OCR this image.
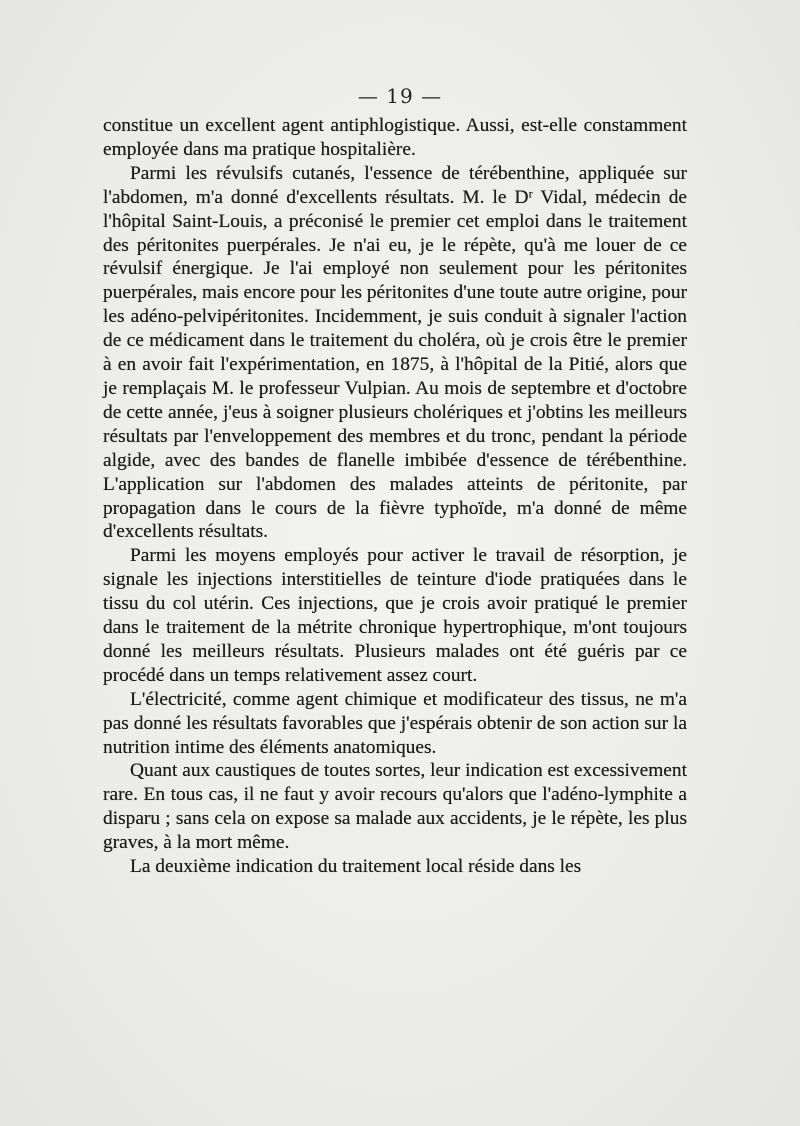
— 19 —

constitue un excellent agent antiphlogistique. Aussi, est-elle constamment employée dans ma pratique hospitalière.

Parmi les révulsifs cutanés, l'essence de térébenthine, appliquée sur l'abdomen, m'a donné d'excellents résultats. M. le Dʳ Vidal, médecin de l'hôpital Saint-Louis, a préconisé le premier cet emploi dans le traitement des péritonites puerpérales. Je n'ai eu, je le répète, qu'à me louer de ce révulsif énergique. Je l'ai employé non seulement pour les péritonites puerpérales, mais encore pour les péritonites d'une toute autre origine, pour les adéno-pelvipéritonites. Incidemment, je suis conduit à signaler l'action de ce médicament dans le traitement du choléra, où je crois être le premier à en avoir fait l'expérimentation, en 1875, à l'hôpital de la Pitié, alors que je remplaçais M. le professeur Vulpian. Au mois de septembre et d'octobre de cette année, j'eus à soigner plusieurs cholériques et j'obtins les meilleurs résultats par l'enveloppement des membres et du tronc, pendant la période algide, avec des bandes de flanelle imbibée d'essence de térébenthine. L'application sur l'abdomen des malades atteints de péritonite, par propagation dans le cours de la fièvre typhoïde, m'a donné de même d'excellents résultats.

Parmi les moyens employés pour activer le travail de résorption, je signale les injections interstitielles de teinture d'iode pratiquées dans le tissu du col utérin. Ces injections, que je crois avoir pratiqué le premier dans le traitement de la métrite chronique hypertrophique, m'ont toujours donné les meilleurs résultats. Plusieurs malades ont été guéris par ce procédé dans un temps relativement assez court.

L'électricité, comme agent chimique et modificateur des tissus, ne m'a pas donné les résultats favorables que j'espérais obtenir de son action sur la nutrition intime des éléments anatomiques.

Quant aux caustiques de toutes sortes, leur indication est excessivement rare. En tous cas, il ne faut y avoir recours qu'alors que l'adéno-lymphite a disparu ; sans cela on expose sa malade aux accidents, je le répète, les plus graves, à la mort même.

La deuxième indication du traitement local réside dans les
